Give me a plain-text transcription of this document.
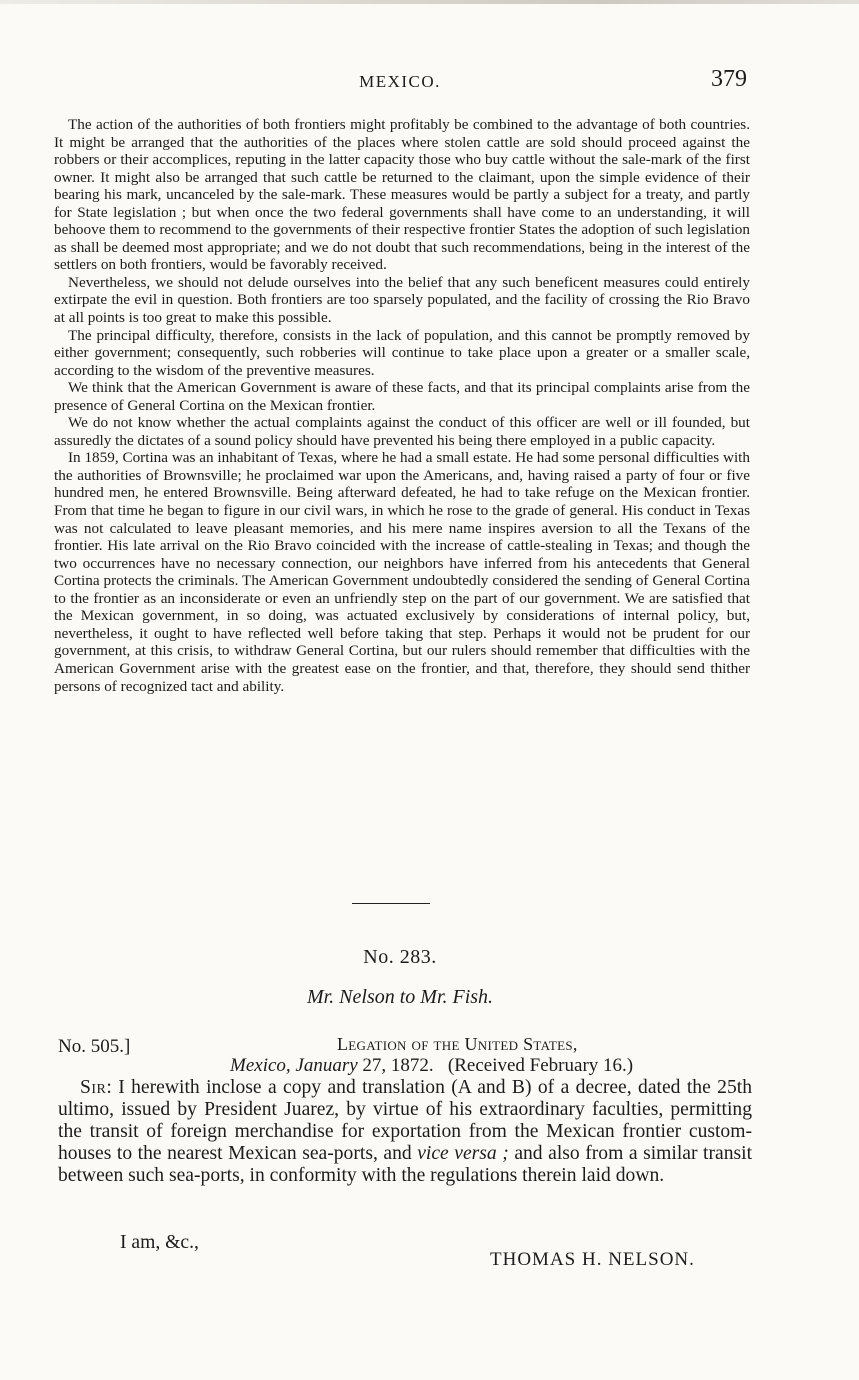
MEXICO.	379

The action of the authorities of both frontiers might profitably be combined to the advantage of both countries. It might be arranged that the authorities of the places where stolen cattle are sold should proceed against the robbers or their accomplices, reputing in the latter capacity those who buy cattle without the sale-mark of the first owner. It might also be arranged that such cattle be returned to the claimant, upon the simple evidence of their bearing his mark, uncanceled by the sale-mark. These measures would be partly a subject for a treaty, and partly for State legislation ; but when once the two federal governments shall have come to an understanding, it will behoove them to recommend to the governments of their respective frontier States the adoption of such legislation as shall be deemed most appropriate; and we do not doubt that such recommendations, being in the interest of the settlers on both frontiers, would be favorably received.

Nevertheless, we should not delude ourselves into the belief that any such beneficent measures could entirely extirpate the evil in question. Both frontiers are too sparsely populated, and the facility of crossing the Rio Bravo at all points is too great to make this possible.

The principal difficulty, therefore, consists in the lack of population, and this cannot be promptly removed by either government; consequently, such robberies will continue to take place upon a greater or a smaller scale, according to the wisdom of the preventive measures.

We think that the American Government is aware of these facts, and that its principal complaints arise from the presence of General Cortina on the Mexican frontier.

We do not know whether the actual complaints against the conduct of this officer are well or ill founded, but assuredly the dictates of a sound policy should have prevented his being there employed in a public capacity.

In 1859, Cortina was an inhabitant of Texas, where he had a small estate. He had some personal difficulties with the authorities of Brownsville; he proclaimed war upon the Americans, and, having raised a party of four or five hundred men, he entered Brownsville. Being afterward defeated, he had to take refuge on the Mexican frontier. From that time he began to figure in our civil wars, in which he rose to the grade of general. His conduct in Texas was not calculated to leave pleasant memories, and his mere name inspires aversion to all the Texans of the frontier. His late arrival on the Rio Bravo coincided with the increase of cattle-stealing in Texas; and though the two occurrences have no necessary connection, our neighbors have inferred from his antecedents that General Cortina protects the criminals. The American Government undoubtedly considered the sending of General Cortina to the frontier as an inconsiderate or even an unfriendly step on the part of our government. We are satisfied that the Mexican government, in so doing, was actuated exclusively by considerations of internal policy, but, nevertheless, it ought to have reflected well before taking that step. Perhaps it would not be prudent for our government, at this crisis, to withdraw General Cortina, but our rulers should remember that difficulties with the American Government arise with the greatest ease on the frontier, and that, therefore, they should send thither persons of recognized tact and ability.

No. 283.
Mr. Nelson to Mr. Fish.
No. 505.]	Legation of the United States,
Mexico, January 27, 1872. (Received February 16.)

Sir: I herewith inclose a copy and translation (A and B) of a decree, dated the 25th ultimo, issued by President Juarez, by virtue of his extraordinary faculties, permitting the transit of foreign merchandise for exportation from the Mexican frontier custom-houses to the nearest Mexican sea-ports, and vice versa ; and also from a similar transit between such sea-ports, in conformity with the regulations therein laid down.

I am, &c.,
THOMAS H. NELSON.
